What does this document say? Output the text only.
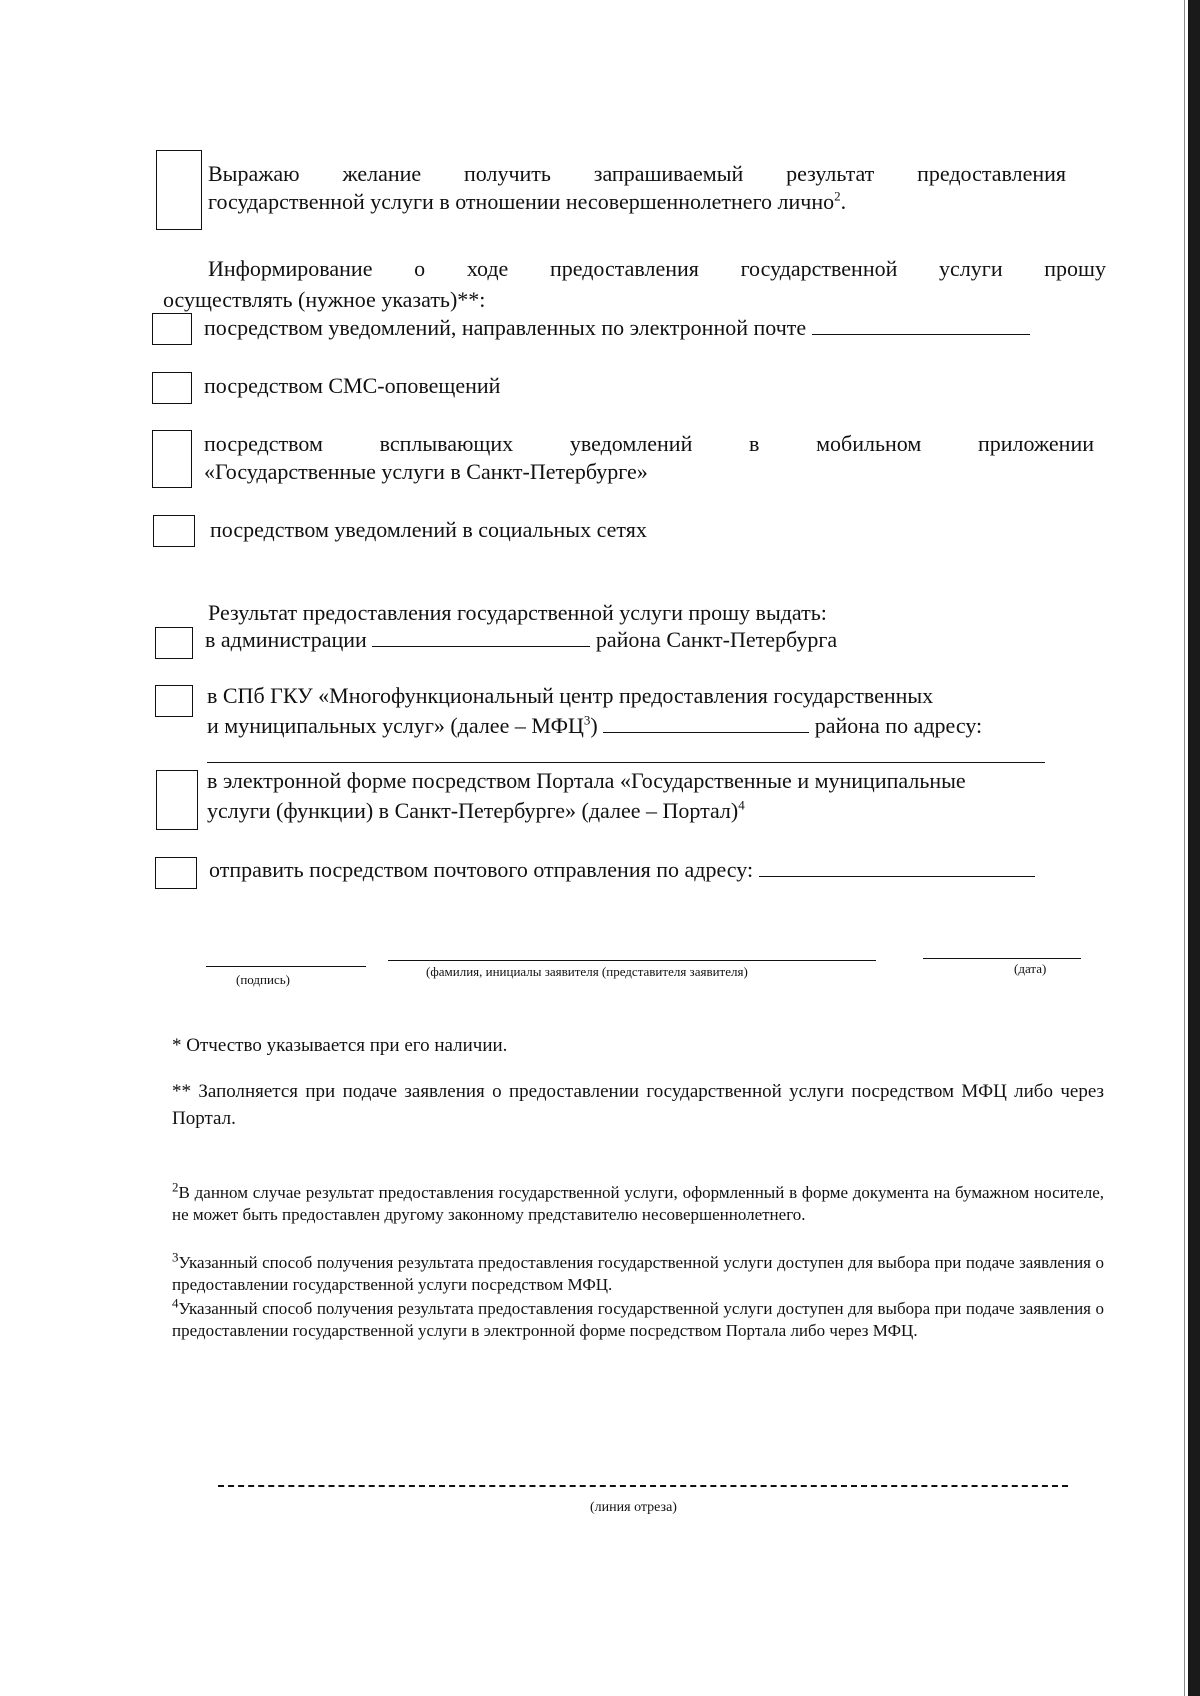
Выражаю желание получить запрашиваемый результат предоставления
государственной услуги в отношении несовершеннолетнего лично$^2$.
Информирование о ходе предоставления государственной услуги прошу
осуществлять (нужное указать)**:
посредством уведомлений, направленных по электронной почте
посредством СМС-оповещений
посредством всплывающих уведомлений в мобильном приложении
«Государственные услуги в Санкт-Петербурге»
посредством уведомлений в социальных сетях
Результат предоставления государственной услуги прошу выдать:
в администрации	района Санкт-Петербурга
в СПб ГКУ «Многофункциональный центр предоставления государственных
и муниципальных услуг» (далее – МФЦ$^3$)	района по адресу:
в электронной форме посредством Портала «Государственные и муниципальные
услуги (функции) в Санкт-Петербурге» (далее – Портал)$^4$
отправить посредством почтового отправления по адресу:
(подпись)
(фамилия, инициалы заявителя (представителя заявителя)	(дата)
* Отчество указывается при его наличии.
** Заполняется при подаче заявления о предоставлении государственной услуги посредством МФЦ либо через Портал.
$^2$В данном случае результат предоставления государственной услуги, оформленный в форме документа на бумажном носителе, не может быть предоставлен другому законному представителю несовершеннолетнего.
$^3$Указанный способ получения результата предоставления государственной услуги доступен для выбора при подаче заявления о предоставлении государственной услуги посредством МФЦ.
$^4$Указанный способ получения результата предоставления государственной услуги доступен для выбора при подаче заявления о предоставлении государственной услуги в электронной форме посредством Портала либо через МФЦ.
(линия отреза)
